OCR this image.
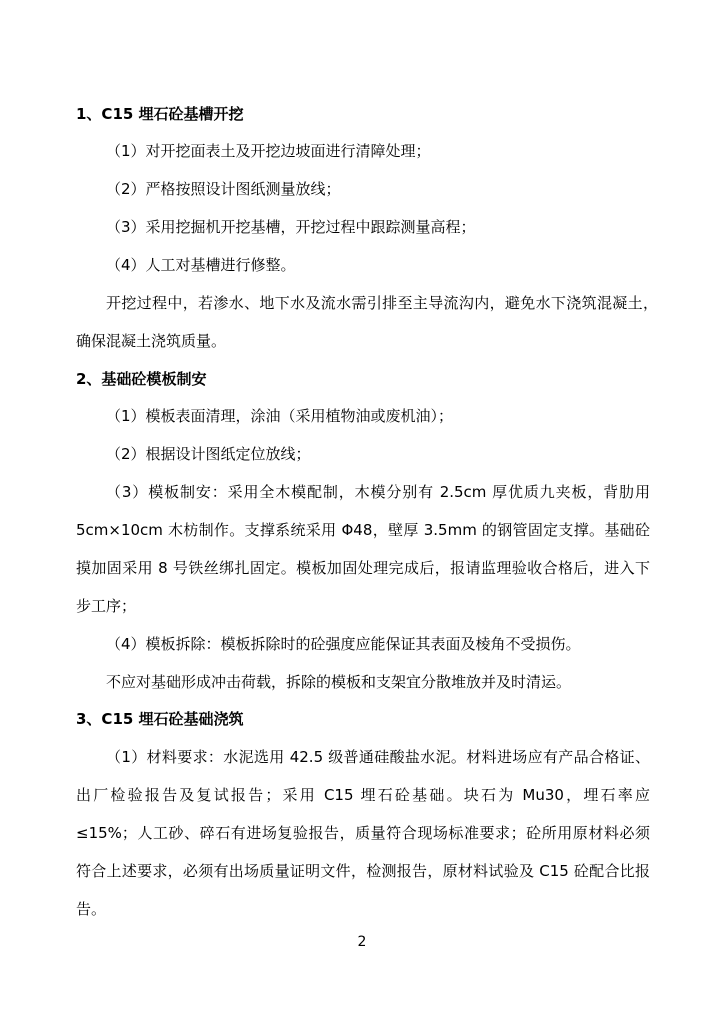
1、C15 埋石砼基槽开挖
（1）对开挖面表土及开挖边坡面进行清障处理；
（2）严格按照设计图纸测量放线；
（3）采用挖掘机开挖基槽，开挖过程中跟踪测量高程；
（4）人工对基槽进行修整。
开挖过程中，若渗水、地下水及流水需引排至主导流沟内，避免水下浇筑混凝土，
确保混凝土浇筑质量。
2、基础砼模板制安
（1）模板表面清理，涂油（采用植物油或废机油）；
（2）根据设计图纸定位放线；
（3）模板制安：采用全木模配制，木模分别有 2.5cm 厚优质九夹板，背肋用
5cm×10cm 木枋制作。支撑系统采用 Φ48，壁厚 3.5mm 的钢管固定支撑。基础砼
摸加固采用 8 号铁丝绑扎固定。模板加固处理完成后，报请监理验收合格后，进入下
步工序；
（4）模板拆除：模板拆除时的砼强度应能保证其表面及棱角不受损伤。
不应对基础形成冲击荷载，拆除的模板和支架宜分散堆放并及时清运。
3、C15 埋石砼基础浇筑
（1）材料要求：水泥选用 42.5 级普通硅酸盐水泥。材料进场应有产品合格证、
出厂检验报告及复试报告；采用 C15 埋石砼基础。块石为 Mu30，埋石率应
≤15%；人工砂、碎石有进场复验报告，质量符合现场标准要求；砼所用原材料必须
符合上述要求，必须有出场质量证明文件，检测报告，原材料试验及 C15 砼配合比报
告。
2
